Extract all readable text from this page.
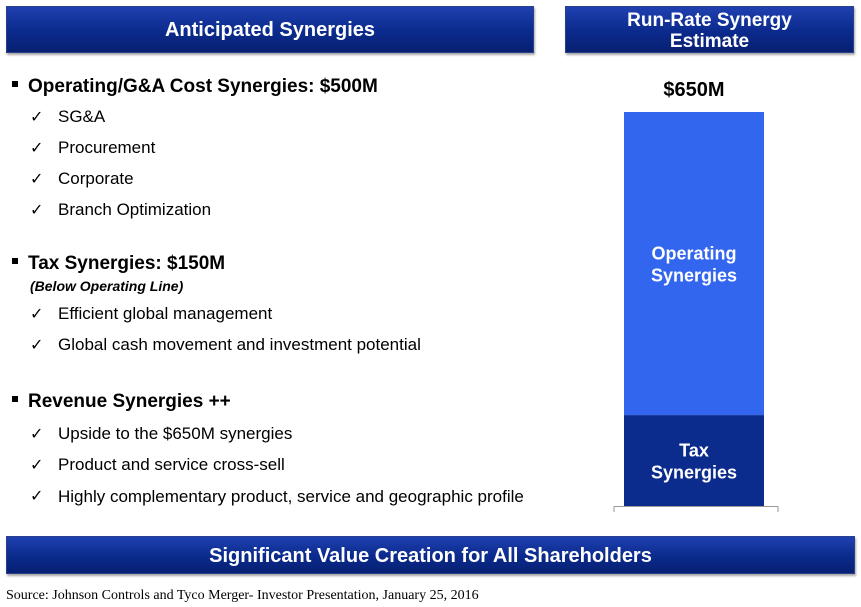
Anticipated Synergies	Run-Rate Synergy
Estimate
Operating/G&A Cost Synergies: $500M
✓ SG&A
✓ Procurement
✓ Corporate
✓ Branch Optimization
Tax Synergies: $150M
(Below Operating Line)
✓ Efficient global management
✓ Global cash movement and investment potential
Revenue Synergies ++
✓ Upside to the $650M synergies
✓ Product and service cross-sell
✓ Highly complementary product, service and geographic profile
Tax
Synergies
Operating
Synergies
$650M
Significant Value Creation for All Shareholders
Source: Johnson Controls and Tyco Merger- Investor Presentation, January 25, 2016
